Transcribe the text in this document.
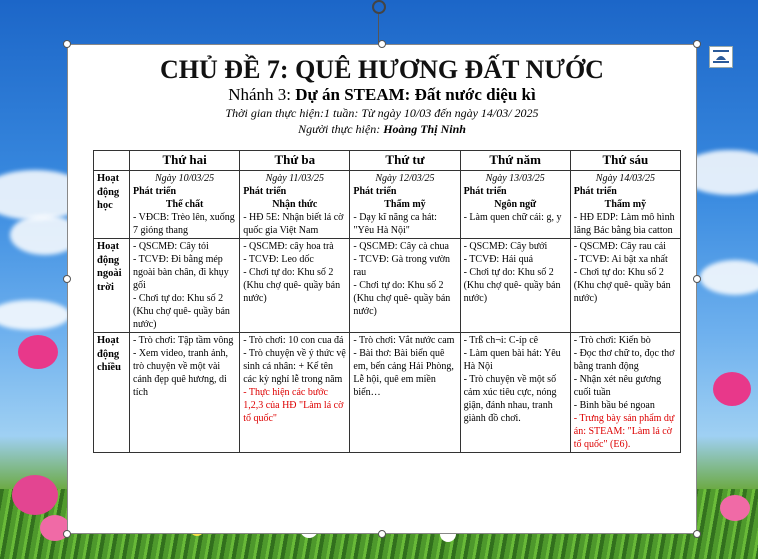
CHỦ ĐỀ 7: QUÊ HƯƠNG ĐẤT NƯỚC
Nhánh 3: Dự án STEAM: Đất nước diệu kì
Thời gian thực hiện:1 tuần: Từ ngày 10/03 đến ngày 14/03/ 2025
Người thực hiện: Hoàng Thị Ninh
	Thứ hai	Thứ ba	Thứ tư	Thứ năm	Thứ sáu

Hoạt
động
học	Ngày 10/03/25
Phát triển
Thể chất
- VĐCB: Trèo lên, xuống 7 gióng thang	Ngày 11/03/25
Phát triển
Nhận thức
- HĐ 5E: Nhận biết lá cờ quốc gia Việt Nam	Ngày 12/03/25
Phát triển
Thẩm mỹ
- Dạy kĩ năng ca hát: "Yêu Hà Nội"	Ngày 13/03/25
Phát triển
Ngôn ngữ
- Làm quen chữ cái: g, y	Ngày 14/03/25
Phát triển
Thẩm mỹ
- HĐ EDP: Làm mô hình lăng Bác bằng bìa catton

Hoạt
động
ngoài
trời	- QSCMĐ: Cây tỏi
- TCVĐ: Đi bằng mép ngoài bàn chân, đi khụy gối
- Chơi tự do: Khu số 2 (Khu chợ quê- quầy bán nước)	- QSCMĐ: cây hoa trà
- TCVĐ: Leo dốc
- Chơi tự do: Khu số 2 (Khu chợ quê- quầy bán nước)	- QSCMĐ: Cây cà chua
- TCVĐ: Gà trong vườn rau
- Chơi tự do: Khu số 2 (Khu chợ quê- quầy bán nước)	- QSCMĐ: Cây bưởi
- TCVĐ: Hái quả
- Chơi tự do: Khu số 2 (Khu chợ quê- quầy bán nước)	- QSCMĐ: Cây rau cải
- TCVĐ: Ai bật xa nhất
- Chơi tự do: Khu số 2 (Khu chợ quê- quầy bán nước)

Hoạt
động
chiều	- Trò chơi: Tập tầm vông
- Xem video, tranh ảnh, trò chuyện về một vài cảnh đẹp quê hương, di tích	- Trò chơi: 10 con cua đá
- Trò chuyện về ý thức vệ sinh cá nhân: + Kể tên các kỳ nghỉ lễ trong năm
- Thực hiện các bước 1,2,3 của HĐ "Làm lá cờ tổ quốc"	- Trò chơi: Vắt nước cam
- Bài thơ: Bài biển quê em, bến cảng Hải Phòng, Lễ hội, quê em miền biển…	- Trß ch¬i: C-íp cê
- Làm quen bài hát: Yêu Hà Nội
- Trò chuyện về một số cảm xúc tiêu cực, nóng giận, đánh nhau, tranh giành đồ chơi.	- Trò chơi: Kiến bò
- Đọc thơ chữ to, đọc thơ bằng tranh động
- Nhận xét nêu gương cuối tuần
- Bình bầu bé ngoan
- Trưng bày sản phẩm dự án: STEAM: "Làm lá cờ tổ quốc" (E6).
